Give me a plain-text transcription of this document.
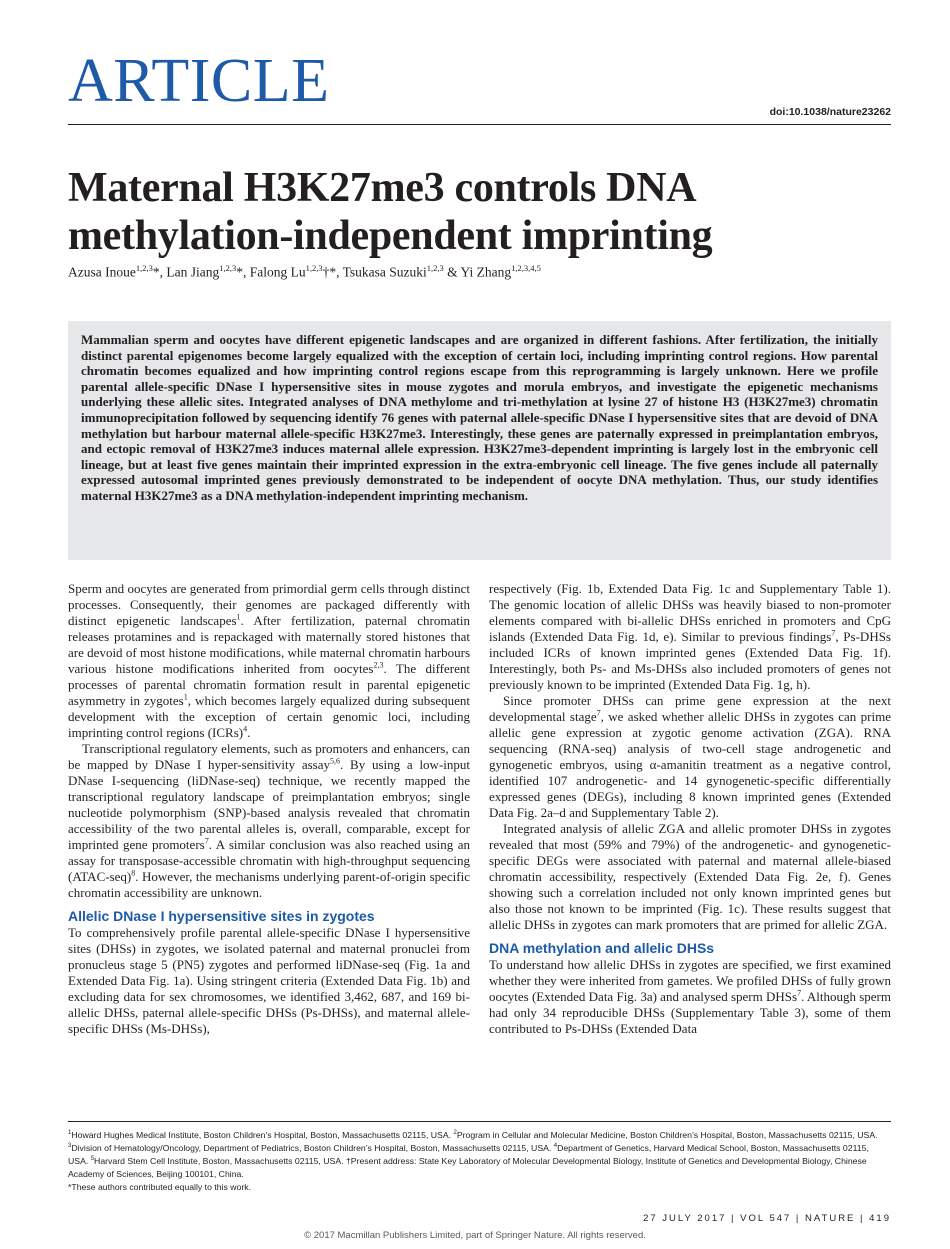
ARTICLE	doi:10.1038/nature23262
Maternal H3K27me3 controls DNA methylation-independent imprinting
Azusa Inoue$^{1,2,3}$*, Lan Jiang$^{1,2,3}$*, Falong Lu$^{1,2,3}$†*, Tsukasa Suzuki$^{1,2,3}$ & Yi Zhang$^{1,2,3,4,5}$

Mammalian sperm and oocytes have different epigenetic landscapes and are organized in different fashions. After fertilization, the initially distinct parental epigenomes become largely equalized with the exception of certain loci, including imprinting control regions. How parental chromatin becomes equalized and how imprinting control regions escape from this reprogramming is largely unknown. Here we profile parental allele-specific DNase I hypersensitive sites in mouse zygotes and morula embryos, and investigate the epigenetic mechanisms underlying these allelic sites. Integrated analyses of DNA methylome and tri-methylation at lysine 27 of histone H3 (H3K27me3) chromatin immunoprecipitation followed by sequencing identify 76 genes with paternal allele-specific DNase I hypersensitive sites that are devoid of DNA methylation but harbour maternal allele-specific H3K27me3. Interestingly, these genes are paternally expressed in preimplantation embryos, and ectopic removal of H3K27me3 induces maternal allele expression. H3K27me3-dependent imprinting is largely lost in the embryonic cell lineage, but at least five genes maintain their imprinted expression in the extra-embryonic cell lineage. The five genes include all paternally expressed autosomal imprinted genes previously demonstrated to be independent of oocyte DNA methylation. Thus, our study identifies maternal H3K27me3 as a DNA methylation-independent imprinting mechanism.

Sperm and oocytes are generated from primordial germ cells through distinct processes. Consequently, their genomes are packaged differently with distinct epigenetic landscapes$^1$. After fertilization, paternal chromatin releases protamines and is repackaged with maternally stored histones that are devoid of most histone modifications, while maternal chromatin harbours various histone modifications inherited from oocytes$^{2,3}$. The different processes of parental chromatin formation result in parental epigenetic asymmetry in zygotes$^1$, which becomes largely equalized during subsequent development with the exception of certain genomic loci, including imprinting control regions (ICRs)$^4$.

Transcriptional regulatory elements, such as promoters and enhancers, can be mapped by DNase I hyper-sensitivity assay$^{5,6}$. By using a low-input DNase I-sequencing (liDNase-seq) technique, we recently mapped the transcriptional regulatory landscape of preimplantation embryos; single nucleotide polymorphism (SNP)-based analysis revealed that chromatin accessibility of the two parental alleles is, overall, comparable, except for imprinted gene promoters$^7$. A similar conclusion was also reached using an assay for transposase-accessible chromatin with high-throughput sequencing (ATAC-seq)$^8$. However, the mechanisms underlying parent-of-origin specific chromatin accessibility are unknown.

Allelic DNase I hypersensitive sites in zygotes

To comprehensively profile parental allele-specific DNase I hypersensitive sites (DHSs) in zygotes, we isolated paternal and maternal pronuclei from pronucleus stage 5 (PN5) zygotes and performed liDNase-seq (Fig. 1a and Extended Data Fig. 1a). Using stringent criteria (Extended Data Fig. 1b) and excluding data for sex chromosomes, we identified 3,462, 687, and 169 bi-allelic DHSs, paternal allele-specific DHSs (Ps-DHSs), and maternal allele-specific DHSs (Ms-DHSs),

respectively (Fig. 1b, Extended Data Fig. 1c and Supplementary Table 1). The genomic location of allelic DHSs was heavily biased to non-promoter elements compared with bi-allelic DHSs enriched in promoters and CpG islands (Extended Data Fig. 1d, e). Similar to previous findings$^7$, Ps-DHSs included ICRs of known imprinted genes (Extended Data Fig. 1f). Interestingly, both Ps- and Ms-DHSs also included promoters of genes not previously known to be imprinted (Extended Data Fig. 1g, h).

Since promoter DHSs can prime gene expression at the next developmental stage$^7$, we asked whether allelic DHSs in zygotes can prime allelic gene expression at zygotic genome activation (ZGA). RNA sequencing (RNA-seq) analysis of two-cell stage androgenetic and gynogenetic embryos, using α-amanitin treatment as a negative control, identified 107 androgenetic- and 14 gynogenetic-specific differentially expressed genes (DEGs), including 8 known imprinted genes (Extended Data Fig. 2a–d and Supplementary Table 2).

Integrated analysis of allelic ZGA and allelic promoter DHSs in zygotes revealed that most (59% and 79%) of the androgenetic- and gynogenetic-specific DEGs were associated with paternal and maternal allele-biased chromatin accessibility, respectively (Extended Data Fig. 2e, f). Genes showing such a correlation included not only known imprinted genes but also those not known to be imprinted (Fig. 1c). These results suggest that allelic DHSs in zygotes can mark promoters that are primed for allelic ZGA.

DNA methylation and allelic DHSs

To understand how allelic DHSs in zygotes are specified, we first examined whether they were inherited from gametes. We profiled DHSs of fully grown oocytes (Extended Data Fig. 3a) and analysed sperm DHSs$^7$. Although sperm had only 34 reproducible DHSs (Supplementary Table 3), some of them contributed to Ps-DHSs (Extended Data

$^1$Howard Hughes Medical Institute, Boston Children’s Hospital, Boston, Massachusetts 02115, USA. $^2$Program in Cellular and Molecular Medicine, Boston Children’s Hospital, Boston, Massachusetts 02115, USA. $^3$Division of Hematology/Oncology, Department of Pediatrics, Boston Children’s Hospital, Boston, Massachusetts 02115, USA. $^4$Department of Genetics, Harvard Medical School, Boston, Massachusetts 02115, USA. $^5$Harvard Stem Cell Institute, Boston, Massachusetts 02115, USA. †Present address: State Key Laboratory of Molecular Developmental Biology, Institute of Genetics and Developmental Biology, Chinese Academy of Sciences, Beijing 100101, China.
*These authors contributed equally to this work.
27 JULY 2017 | VOL 547 | NATURE | 419
© 2017 Macmillan Publishers Limited, part of Springer Nature. All rights reserved.
